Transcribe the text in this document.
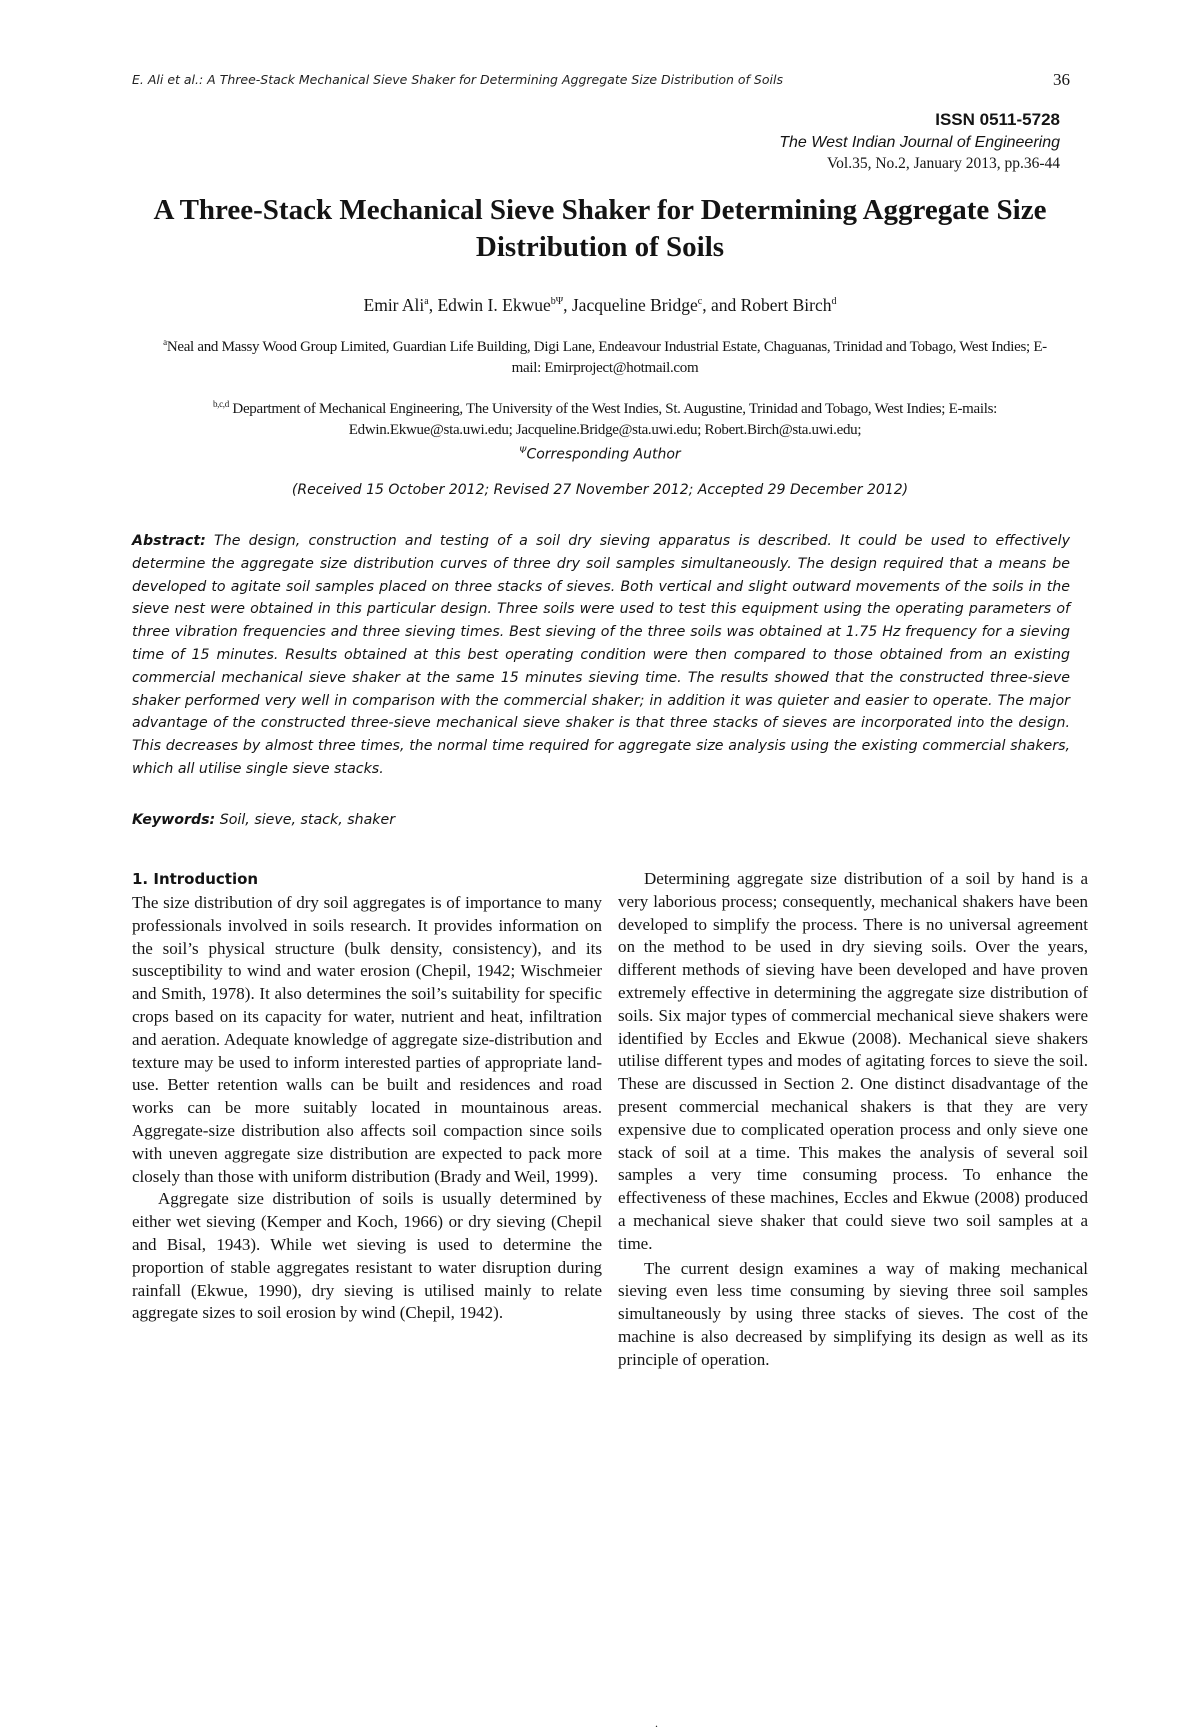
E. Ali et al.: A Three-Stack Mechanical Sieve Shaker for Determining Aggregate Size Distribution of Soils	36
ISSN 0511-5728
The West Indian Journal of Engineering
Vol.35, No.2, January 2013, pp.36-44
A Three-Stack Mechanical Sieve Shaker for Determining Aggregate Size Distribution of Soils
Emir Ali$^a$, Edwin I. Ekwue$^{b\Psi}$, Jacqueline Bridge$^c$, and Robert Birch$^d$
$^a$Neal and Massy Wood Group Limited, Guardian Life Building, Digi Lane, Endeavour Industrial Estate, Chaguanas, Trinidad and Tobago, West Indies; E-mail: Emirproject@hotmail.com
$^{b,c,d}$ Department of Mechanical Engineering, The University of the West Indies, St. Augustine, Trinidad and Tobago, West Indies; E-mails: Edwin.Ekwue@sta.uwi.edu; Jacqueline.Bridge@sta.uwi.edu; Robert.Birch@sta.uwi.edu;
$^\Psi$Corresponding Author
(Received 15 October 2012; Revised 27 November 2012; Accepted 29 December 2012)
Abstract: The design, construction and testing of a soil dry sieving apparatus is described. It could be used to effectively determine the aggregate size distribution curves of three dry soil samples simultaneously. The design required that a means be developed to agitate soil samples placed on three stacks of sieves. Both vertical and slight outward movements of the soils in the sieve nest were obtained in this particular design. Three soils were used to test this equipment using the operating parameters of three vibration frequencies and three sieving times. Best sieving of the three soils was obtained at 1.75 Hz frequency for a sieving time of 15 minutes. Results obtained at this best operating condition were then compared to those obtained from an existing commercial mechanical sieve shaker at the same 15 minutes sieving time. The results showed that the constructed three-sieve shaker performed very well in comparison with the commercial shaker; in addition it was quieter and easier to operate. The major advantage of the constructed three-sieve mechanical sieve shaker is that three stacks of sieves are incorporated into the design. This decreases by almost three times, the normal time required for aggregate size analysis using the existing commercial shakers, which all utilise single sieve stacks.
Keywords: Soil, sieve, stack, shaker
1. Introduction

The size distribution of dry soil aggregates is of importance to many professionals involved in soils research. It provides information on the soil’s physical structure (bulk density, consistency), and its susceptibility to wind and water erosion (Chepil, 1942; Wischmeier and Smith, 1978). It also determines the soil’s suitability for specific crops based on its capacity for water, nutrient and heat, infiltration and aeration. Adequate knowledge of aggregate size-distribution and texture may be used to inform interested parties of appropriate land-use. Better retention walls can be built and residences and road works can be more suitably located in mountainous areas. Aggregate-size distribution also affects soil compaction since soils with uneven aggregate size distribution are expected to pack more closely than those with uniform distribution (Brady and Weil, 1999).

Aggregate size distribution of soils is usually determined by either wet sieving (Kemper and Koch, 1966) or dry sieving (Chepil and Bisal, 1943). While wet sieving is used to determine the proportion of stable aggregates resistant to water disruption during rainfall (Ekwue, 1990), dry sieving is utilised mainly to relate aggregate sizes to soil erosion by wind (Chepil, 1942).

Determining aggregate size distribution of a soil by hand is a very laborious process; consequently, mechanical shakers have been developed to simplify the process. There is no universal agreement on the method to be used in dry sieving soils. Over the years, different methods of sieving have been developed and have proven extremely effective in determining the aggregate size distribution of soils. Six major types of commercial mechanical sieve shakers were identified by Eccles and Ekwue (2008). Mechanical sieve shakers utilise different types and modes of agitating forces to sieve the soil. These are discussed in Section 2. One distinct disadvantage of the present commercial mechanical shakers is that they are very expensive due to complicated operation process and only sieve one stack of soil at a time. This makes the analysis of several soil samples a very time consuming process. To enhance the effectiveness of these machines, Eccles and Ekwue (2008) produced a mechanical sieve shaker that could sieve two soil samples at a time.

The current design examines a way of making mechanical sieving even less time consuming by sieving three soil samples simultaneously by using three stacks of sieves. The cost of the machine is also decreased by simplifying its design as well as its principle of operation.

.
